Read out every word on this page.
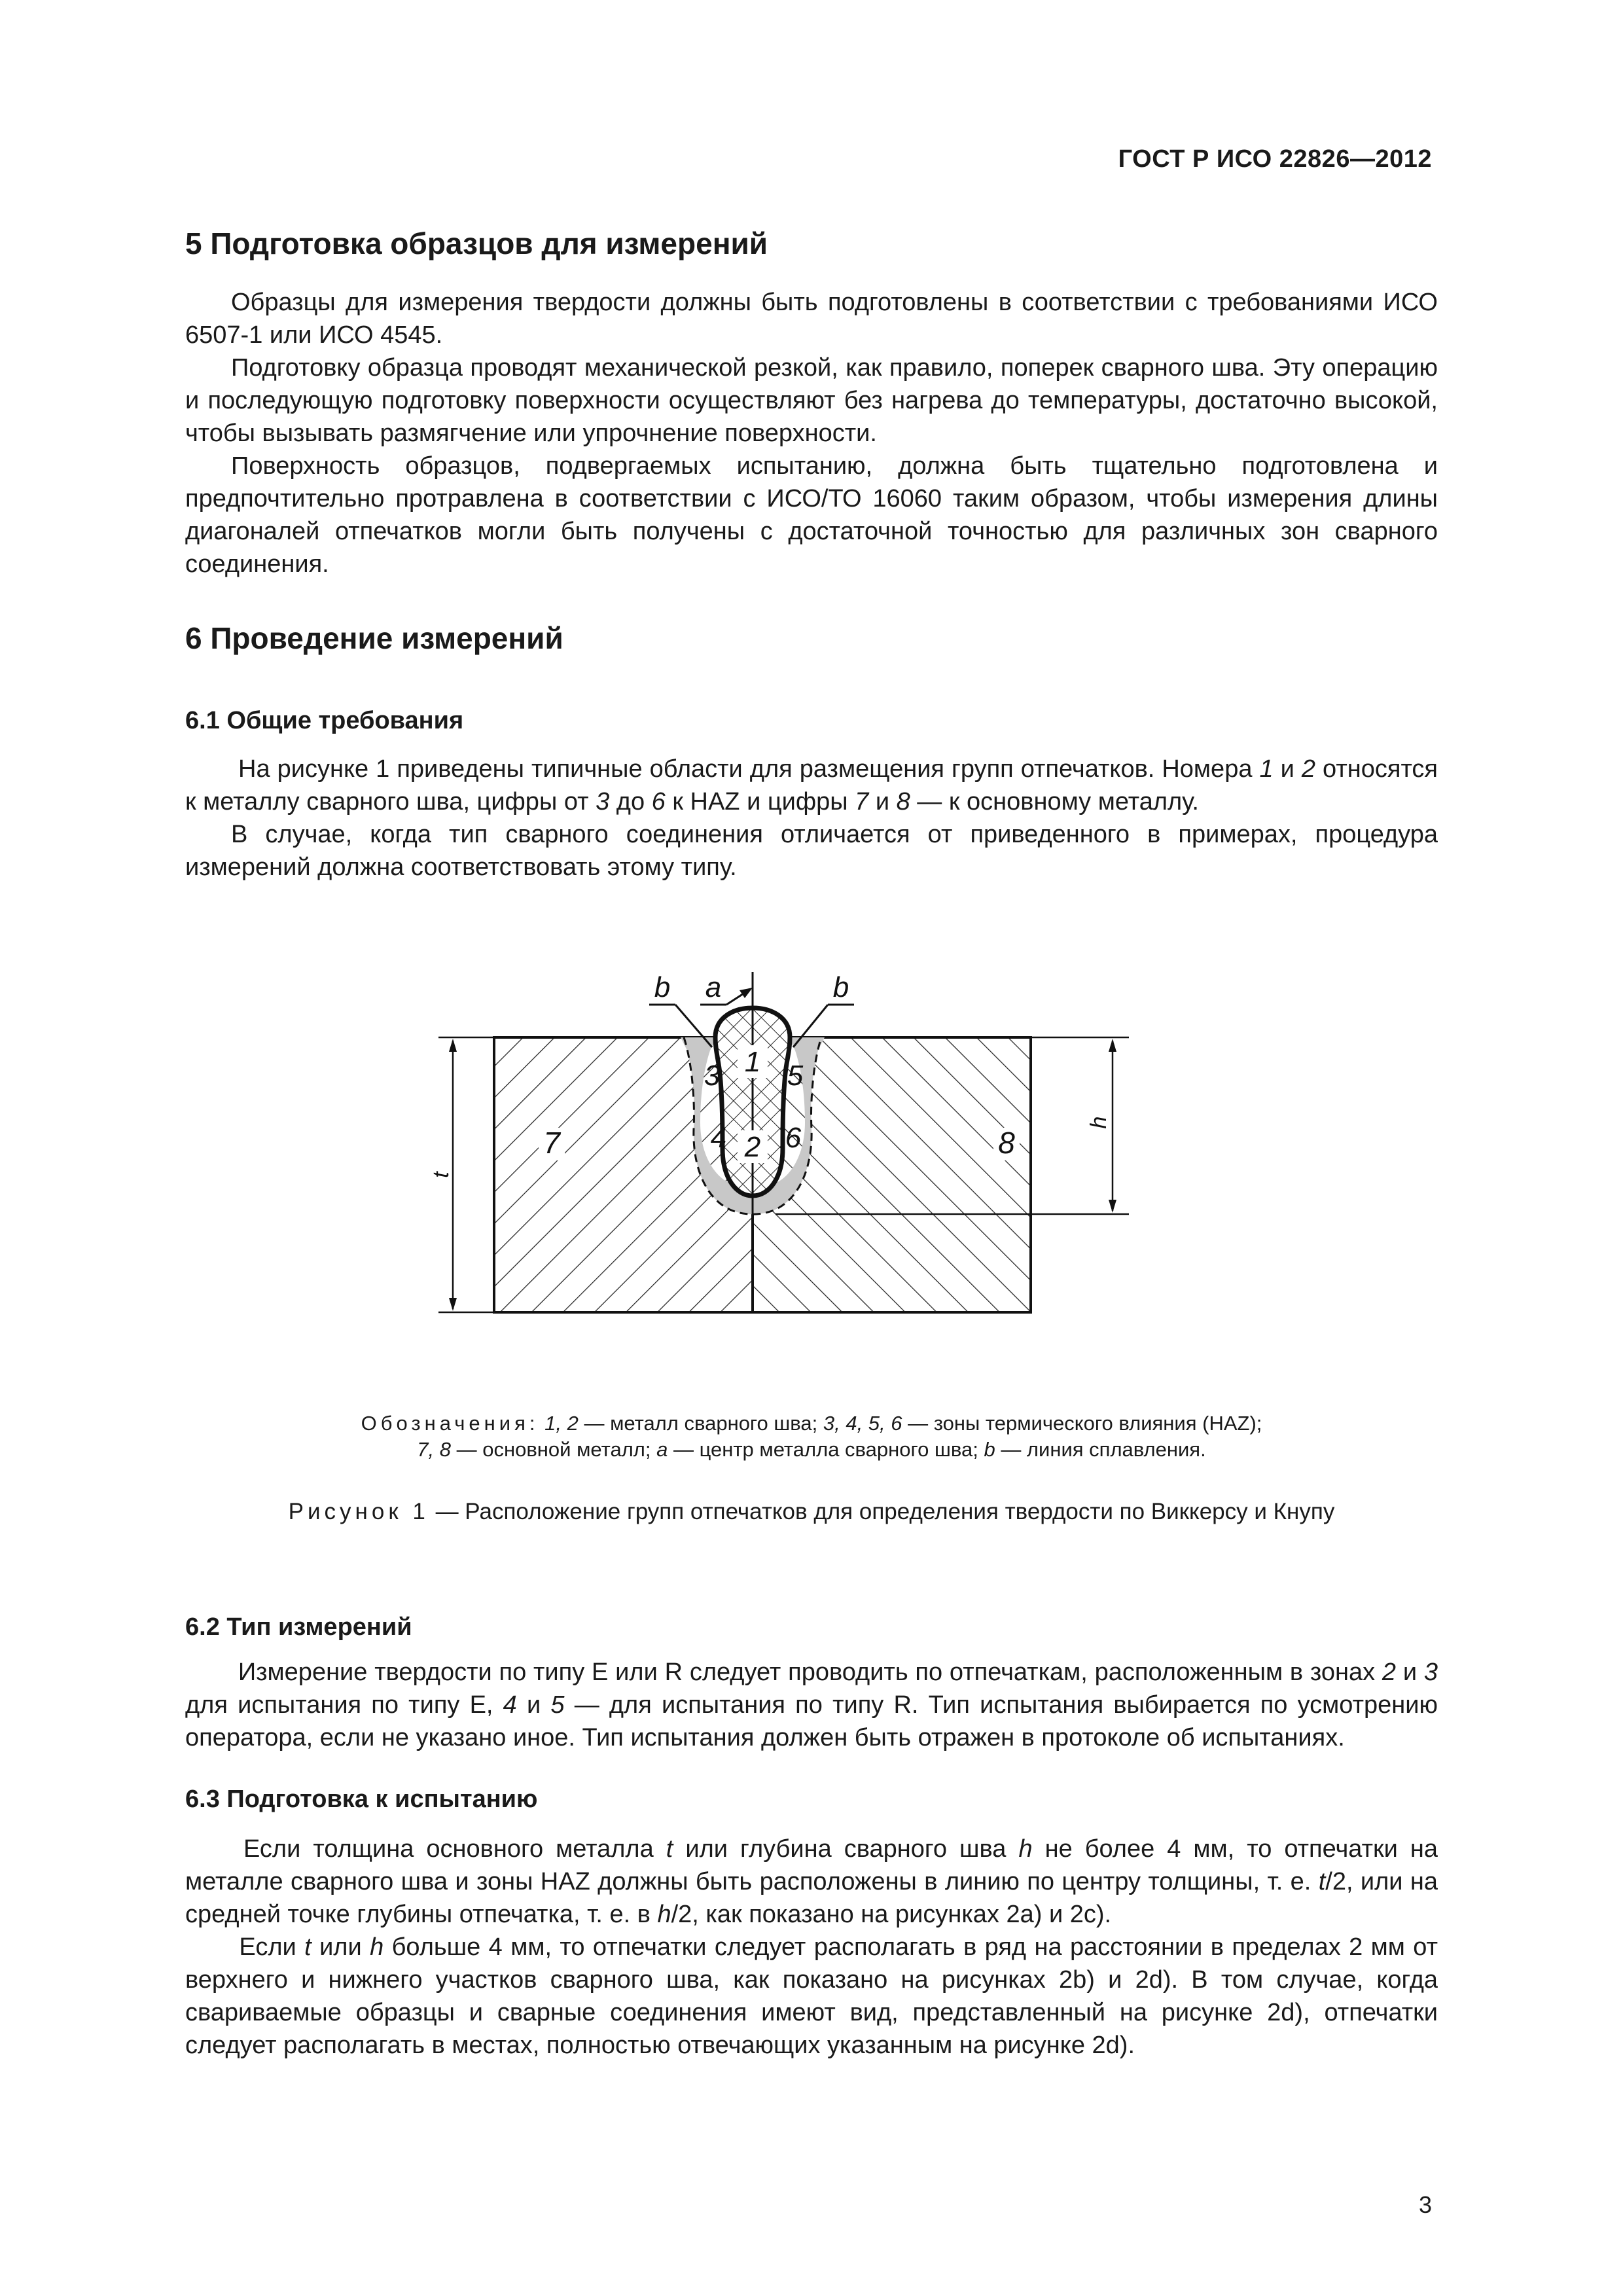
ГОСТ Р ИСО 22826—2012
5 Подготовка образцов для измерений

Образцы для измерения твердости должны быть подготовлены в соответствии с требованиями ИСО 6507-1 или ИСО 4545.

Подготовку образца проводят механической резкой, как правило, поперек сварного шва. Эту операцию и последующую подготовку поверхности осуществляют без нагрева до температуры, достаточно высокой, чтобы вызывать размягчение или упрочнение поверхности.

Поверхность образцов, подвергаемых испытанию, должна быть тщательно подготовлена и предпочтительно протравлена в соответствии с ИСО/ТО 16060 таким образом, чтобы измерения длины диагоналей отпечатков могли быть получены с достаточной точностью для различных зон сварного соединения.

6 Проведение измерений
6.1 Общие требования

На рисунке 1 приведены типичные области для размещения групп отпечатков. Номера 1 и 2 относятся к металлу сварного шва, цифры от 3 до 6 к HAZ и цифры 7 и 8 — к основному металлу.

В случае, когда тип сварного соединения отличается от приведенного в примерах, процедура измерений должна соответствовать этому типу.

1
2
3
4
5
6
7	8
b a	b
t
h
Обозначения: 1, 2 — металл сварного шва; 3, 4, 5, 6 — зоны термического влияния (HAZ);
7, 8 — основной металл; a — центр металла сварного шва; b — линия сплавления.
Рисунок 1 — Расположение групп отпечатков для определения твердости по Виккерсу и Кнупу
6.2 Тип измерений

Измерение твердости по типу E или R следует проводить по отпечаткам, расположенным в зонах 2 и 3 для испытания по типу E, 4 и 5 — для испытания по типу R. Тип испытания выбирается по усмотрению оператора, если не указано иное. Тип испытания должен быть отражен в протоколе об испытаниях.

6.3 Подготовка к испытанию

Если толщина основного металла t или глубина сварного шва h не более 4 мм, то отпечатки на металле сварного шва и зоны HAZ должны быть расположены в линию по центру толщины, т. е. t/2, или на средней точке глубины отпечатка, т. е. в h/2, как показано на рисунках 2a) и 2c).

Если t или h больше 4 мм, то отпечатки следует располагать в ряд на расстоянии в пределах 2 мм от верхнего и нижнего участков сварного шва, как показано на рисунках 2b) и 2d). В том случае, когда свариваемые образцы и сварные соединения имеют вид, представленный на рисунке 2d), отпечатки следует располагать в местах, полностью отвечающих указанным на рисунке 2d).

3
